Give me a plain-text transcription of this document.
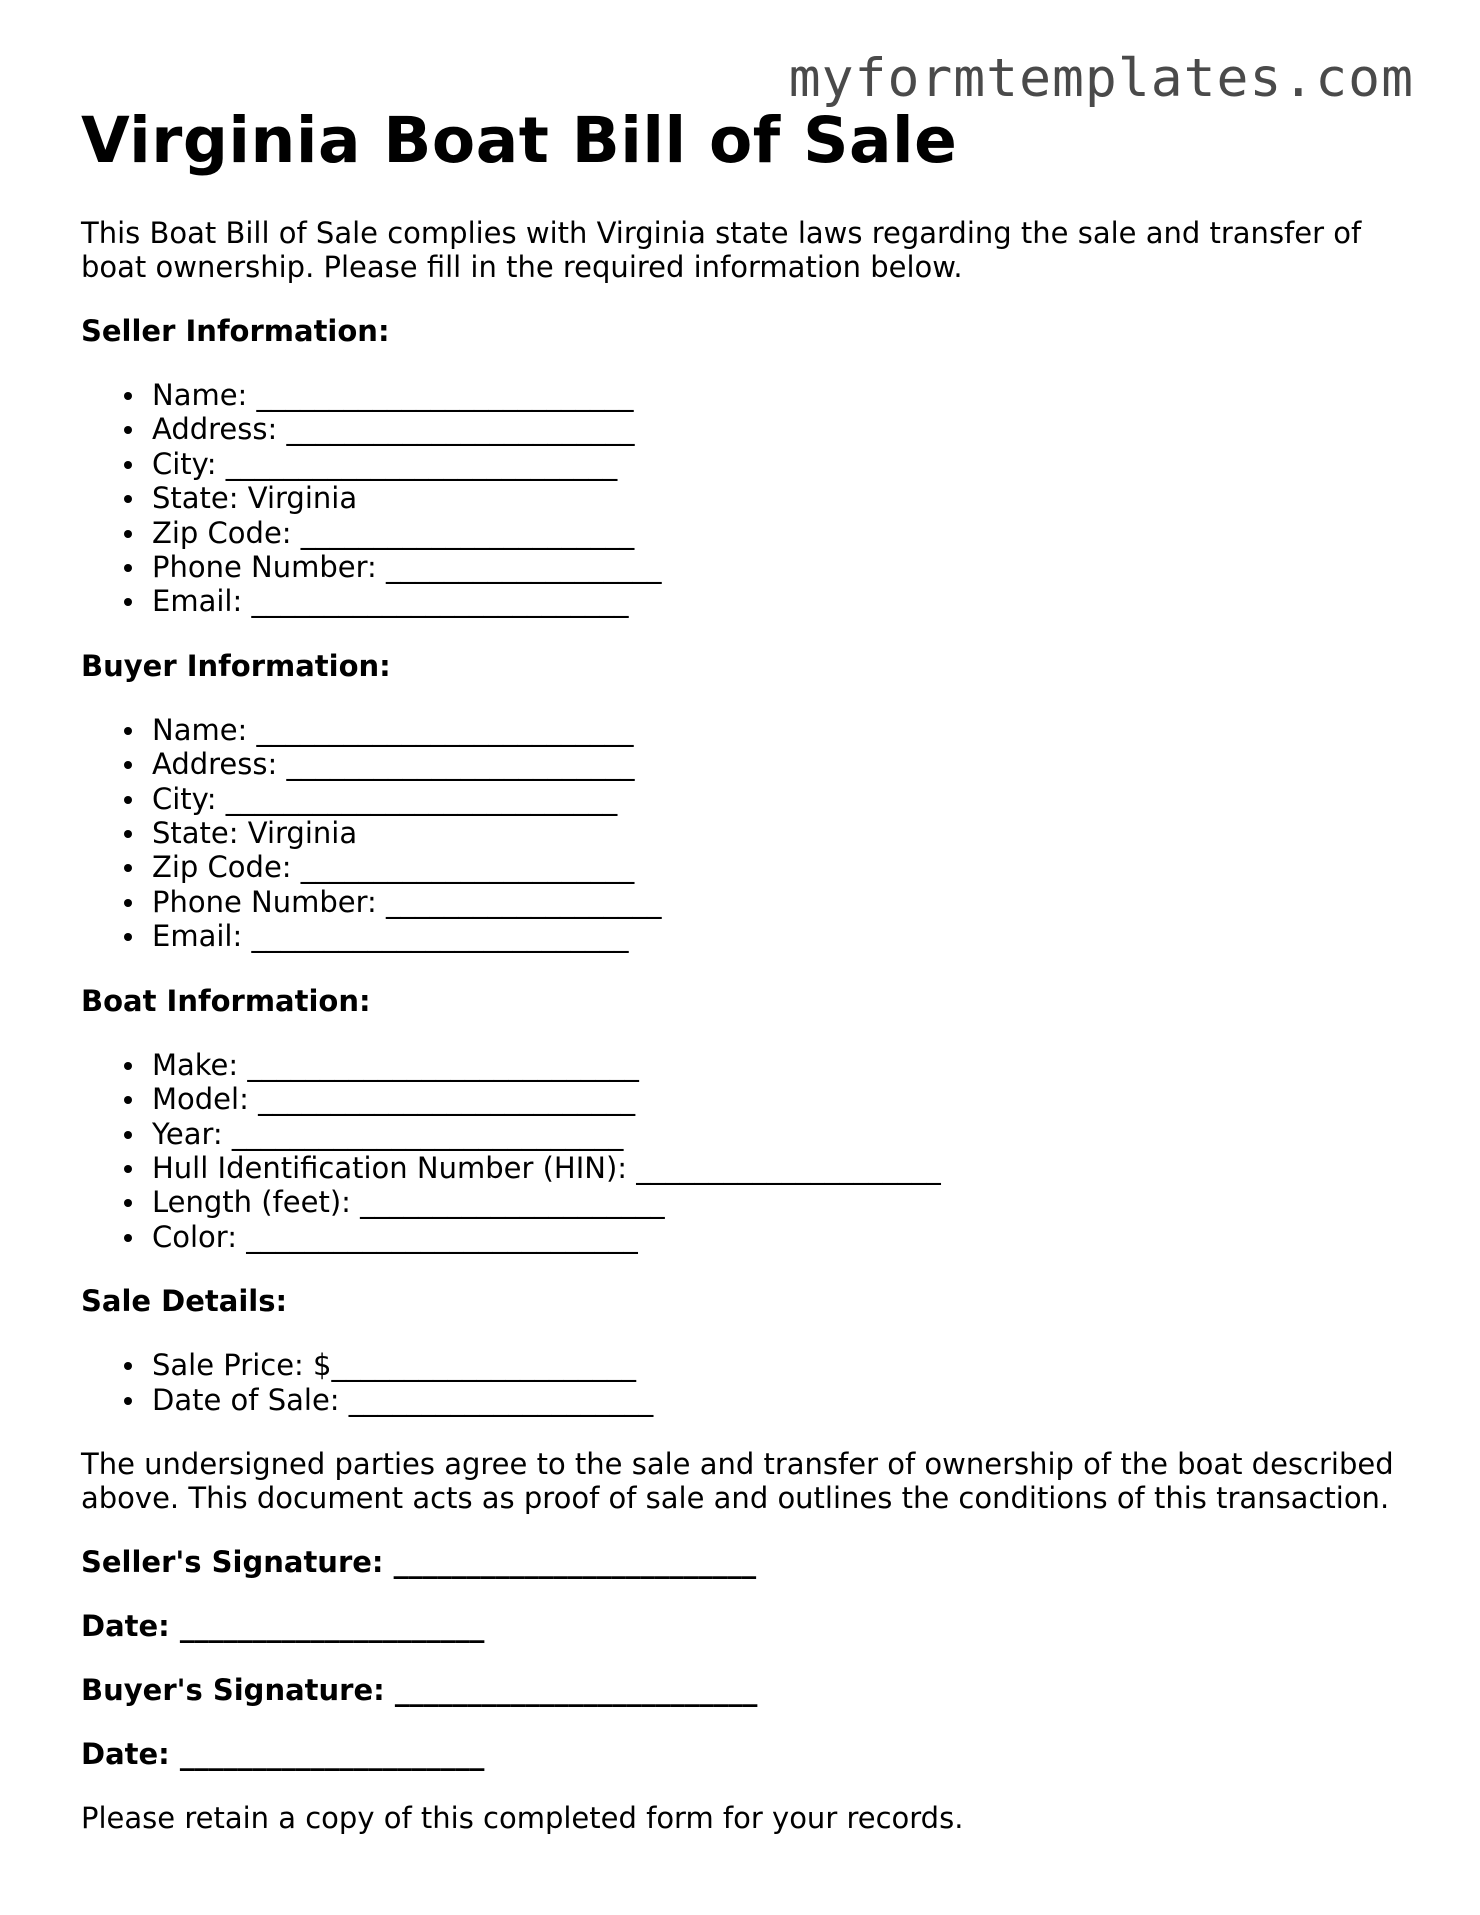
myformtemplates.com
Virginia Boat Bill of Sale

This Boat Bill of Sale complies with Virginia state laws regarding the sale and transfer of boat ownership. Please fill in the required information below.

Seller Information:
Name: __________________________
Address: ________________________
City: ___________________________
State: Virginia
Zip Code: _______________________
Phone Number: ___________________
Email: __________________________
Buyer Information:
Name: __________________________
Address: ________________________
City: ___________________________
State: Virginia
Zip Code: _______________________
Phone Number: ___________________
Email: __________________________
Boat Information:
Make: ___________________________
Model: __________________________
Year: ___________________________
Hull Identification Number (HIN): _____________________
Length (feet): _____________________
Color: ___________________________
Sale Details:
Sale Price: $_____________________
Date of Sale: _____________________

The undersigned parties agree to the sale and transfer of ownership of the boat described above. This document acts as proof of sale and outlines the conditions of this transaction.

Seller's Signature: _________________________
Date: _____________________
Buyer's Signature: _________________________
Date: _____________________

Please retain a copy of this completed form for your records.
